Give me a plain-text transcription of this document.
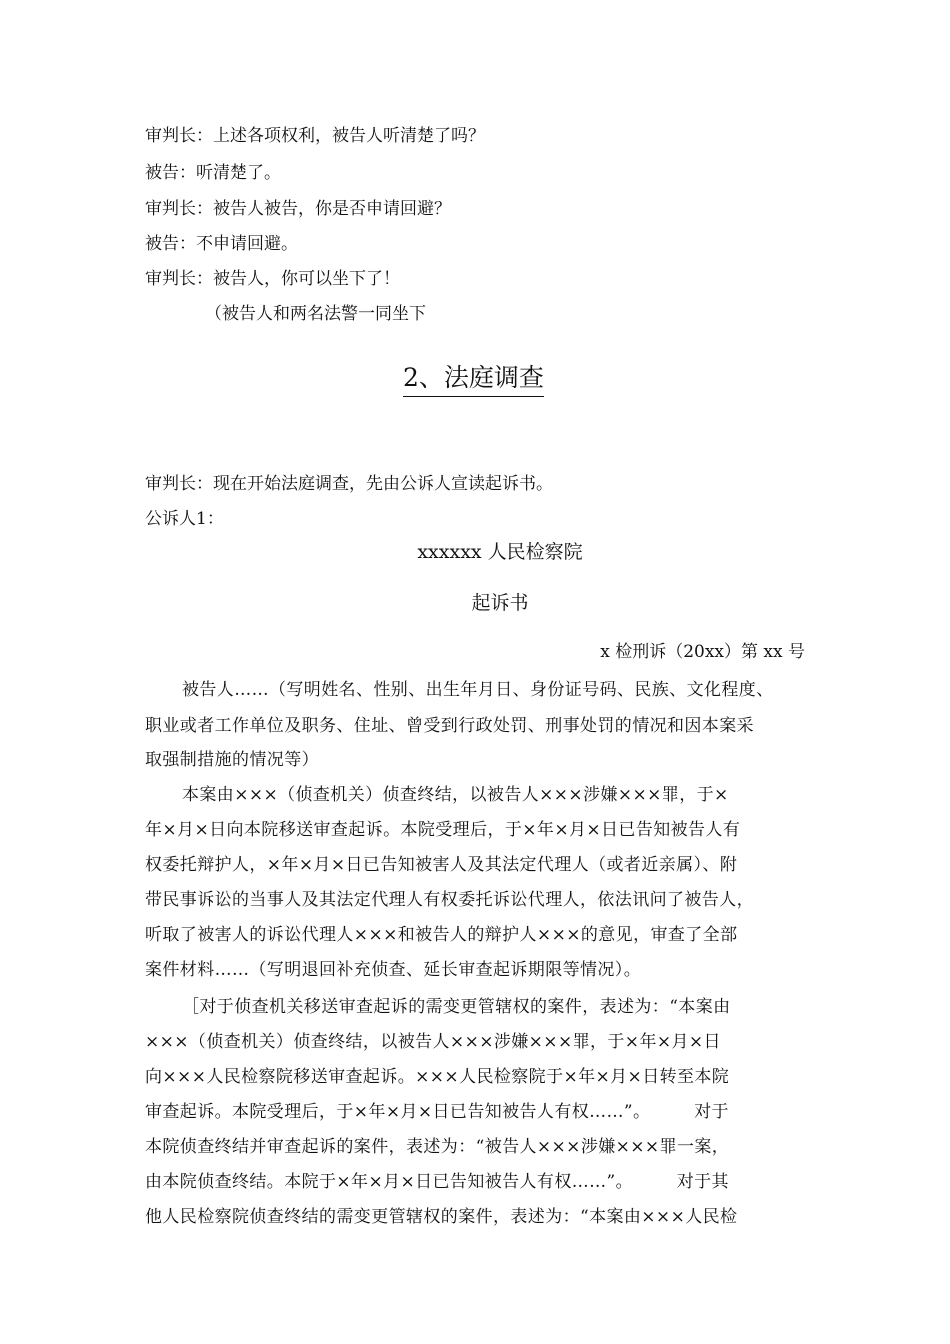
审判长：上述各项权利，被告人听清楚了吗？
被告：听清楚了。
审判长：被告人被告，你是否申请回避？
被告：不申请回避。
审判长：被告人，你可以坐下了！
（被告人和两名法警一同坐下
2、法庭调查
审判长：现在开始法庭调查，先由公诉人宣读起诉书。
公诉人1：
xxxxxx 人民检察院
起诉书
x 检刑诉（20xx）第 xx 号
被告人……（写明姓名、性别、出生年月日、身份证号码、民族、文化程度、
职业或者工作单位及职务、住址、曾受到行政处罚、刑事处罚的情况和因本案采
取强制措施的情况等）
本案由×××（侦查机关）侦查终结，以被告人×××涉嫌×××罪，于×
年×月×日向本院移送审查起诉。本院受理后，于×年×月×日已告知被告人有
权委托辩护人，×年×月×日已告知被害人及其法定代理人（或者近亲属）、附
带民事诉讼的当事人及其法定代理人有权委托诉讼代理人，依法讯问了被告人，
听取了被害人的诉讼代理人×××和被告人的辩护人×××的意见，审查了全部
案件材料……（写明退回补充侦查、延长审查起诉期限等情况）。
［对于侦查机关移送审查起诉的需变更管辖权的案件，表述为：“本案由
×××（侦查机关）侦查终结，以被告人×××涉嫌×××罪，于×年×月×日
向×××人民检察院移送审查起诉。×××人民检察院于×年×月×日转至本院
审查起诉。本院受理后，于×年×月×日已告知被告人有权……”。　　　对于
本院侦查终结并审查起诉的案件，表述为：“被告人×××涉嫌×××罪一案，
由本院侦查终结。本院于×年×月×日已告知被告人有权……”。　　　对于其
他人民检察院侦查终结的需变更管辖权的案件，表述为：“本案由×××人民检
